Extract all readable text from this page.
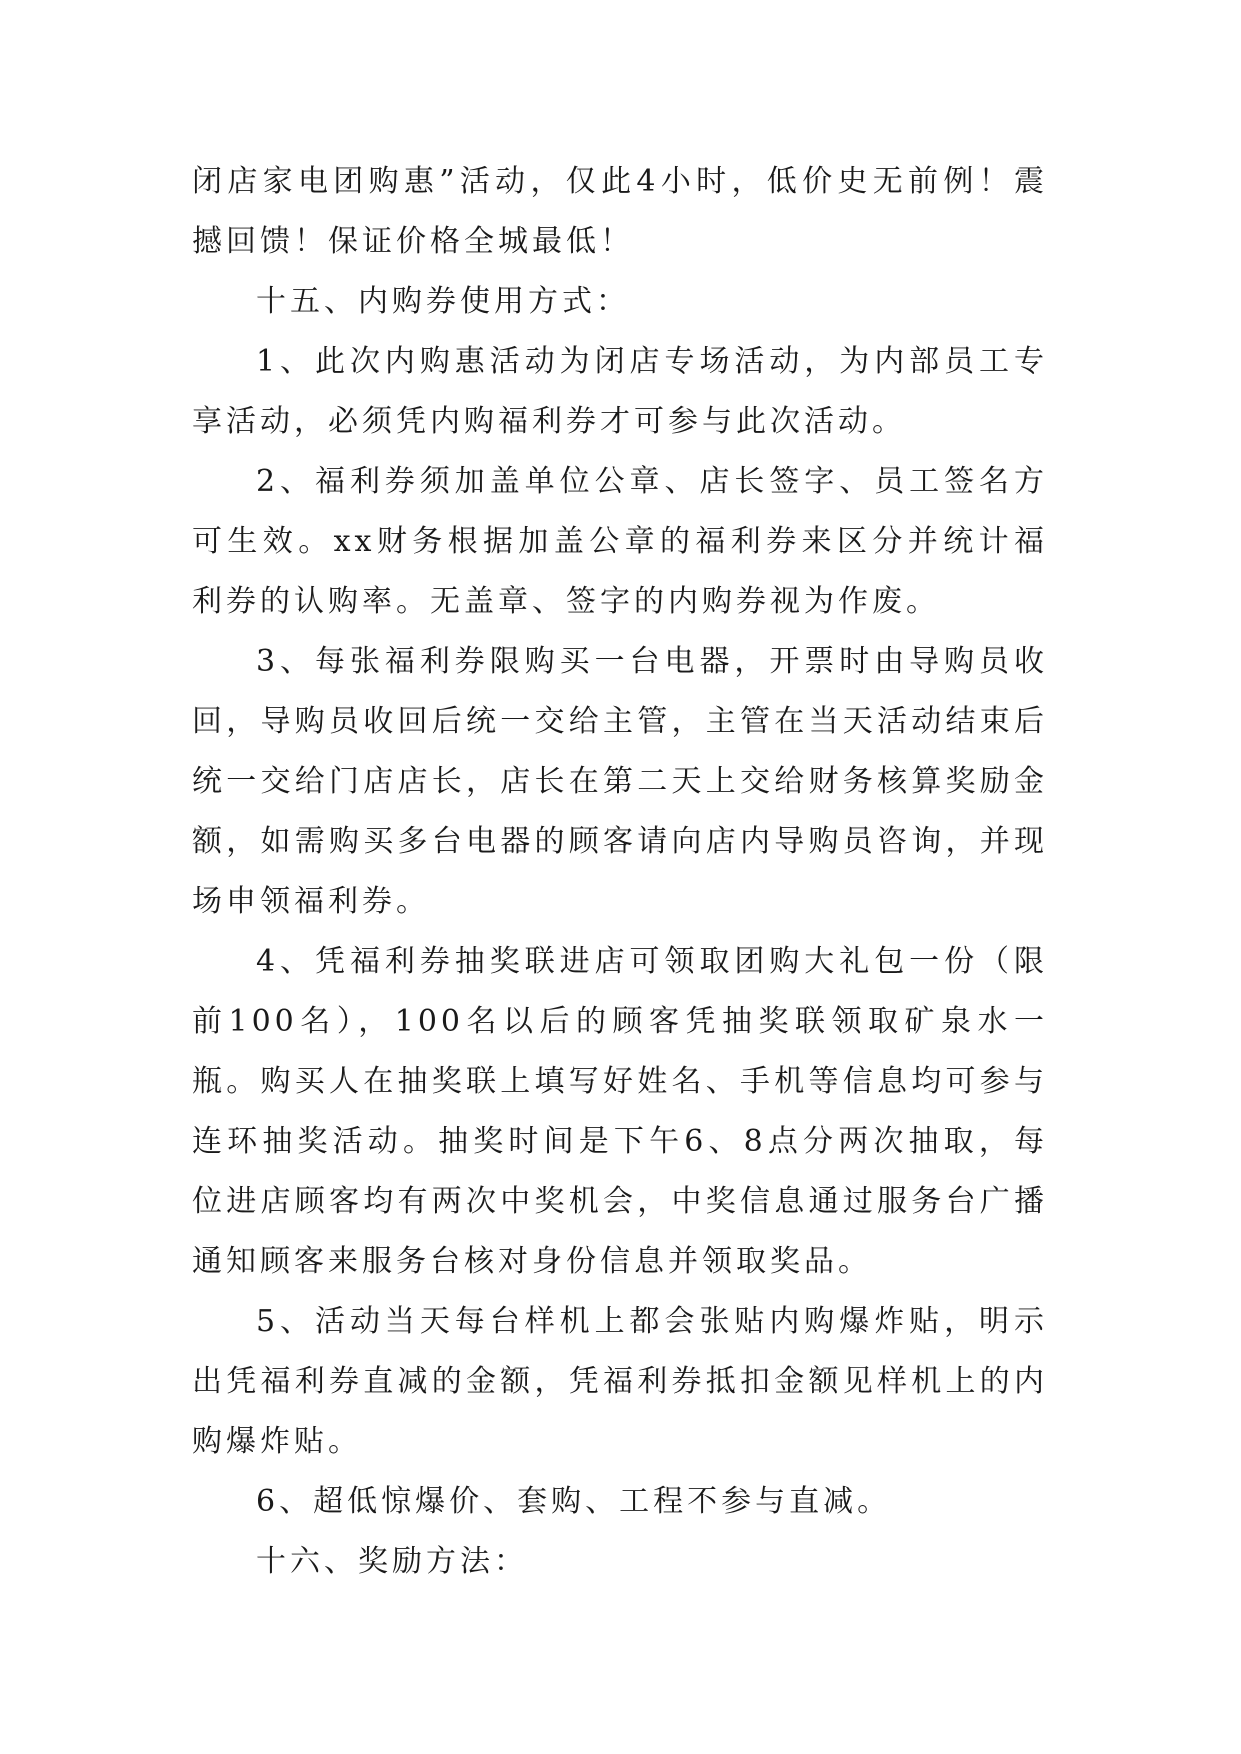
闭店家电团购惠”活动，仅此4小时，低价史无前例！震撼回馈！保证价格全城最低！

十五、内购券使用方式：

1、此次内购惠活动为闭店专场活动，为内部员工专享活动，必须凭内购福利券才可参与此次活动。

2、福利券须加盖单位公章、店长签字、员工签名方可生效。xx财务根据加盖公章的福利券来区分并统计福利券的认购率。无盖章、签字的内购券视为作废。

3、每张福利券限购买一台电器，开票时由导购员收回，导购员收回后统一交给主管，主管在当天活动结束后统一交给门店店长，店长在第二天上交给财务核算奖励金额，如需购买多台电器的顾客请向店内导购员咨询，并现场申领福利券。

4、凭福利券抽奖联进店可领取团购大礼包一份（限前100名），100名以后的顾客凭抽奖联领取矿泉水一瓶。购买人在抽奖联上填写好姓名、手机等信息均可参与连环抽奖活动。抽奖时间是下午6、8点分两次抽取，每位进店顾客均有两次中奖机会，中奖信息通过服务台广播通知顾客来服务台核对身份信息并领取奖品。

5、活动当天每台样机上都会张贴内购爆炸贴，明示出凭福利券直减的金额，凭福利券抵扣金额见样机上的内购爆炸贴。

6、超低惊爆价、套购、工程不参与直减。

十六、奖励方法：
